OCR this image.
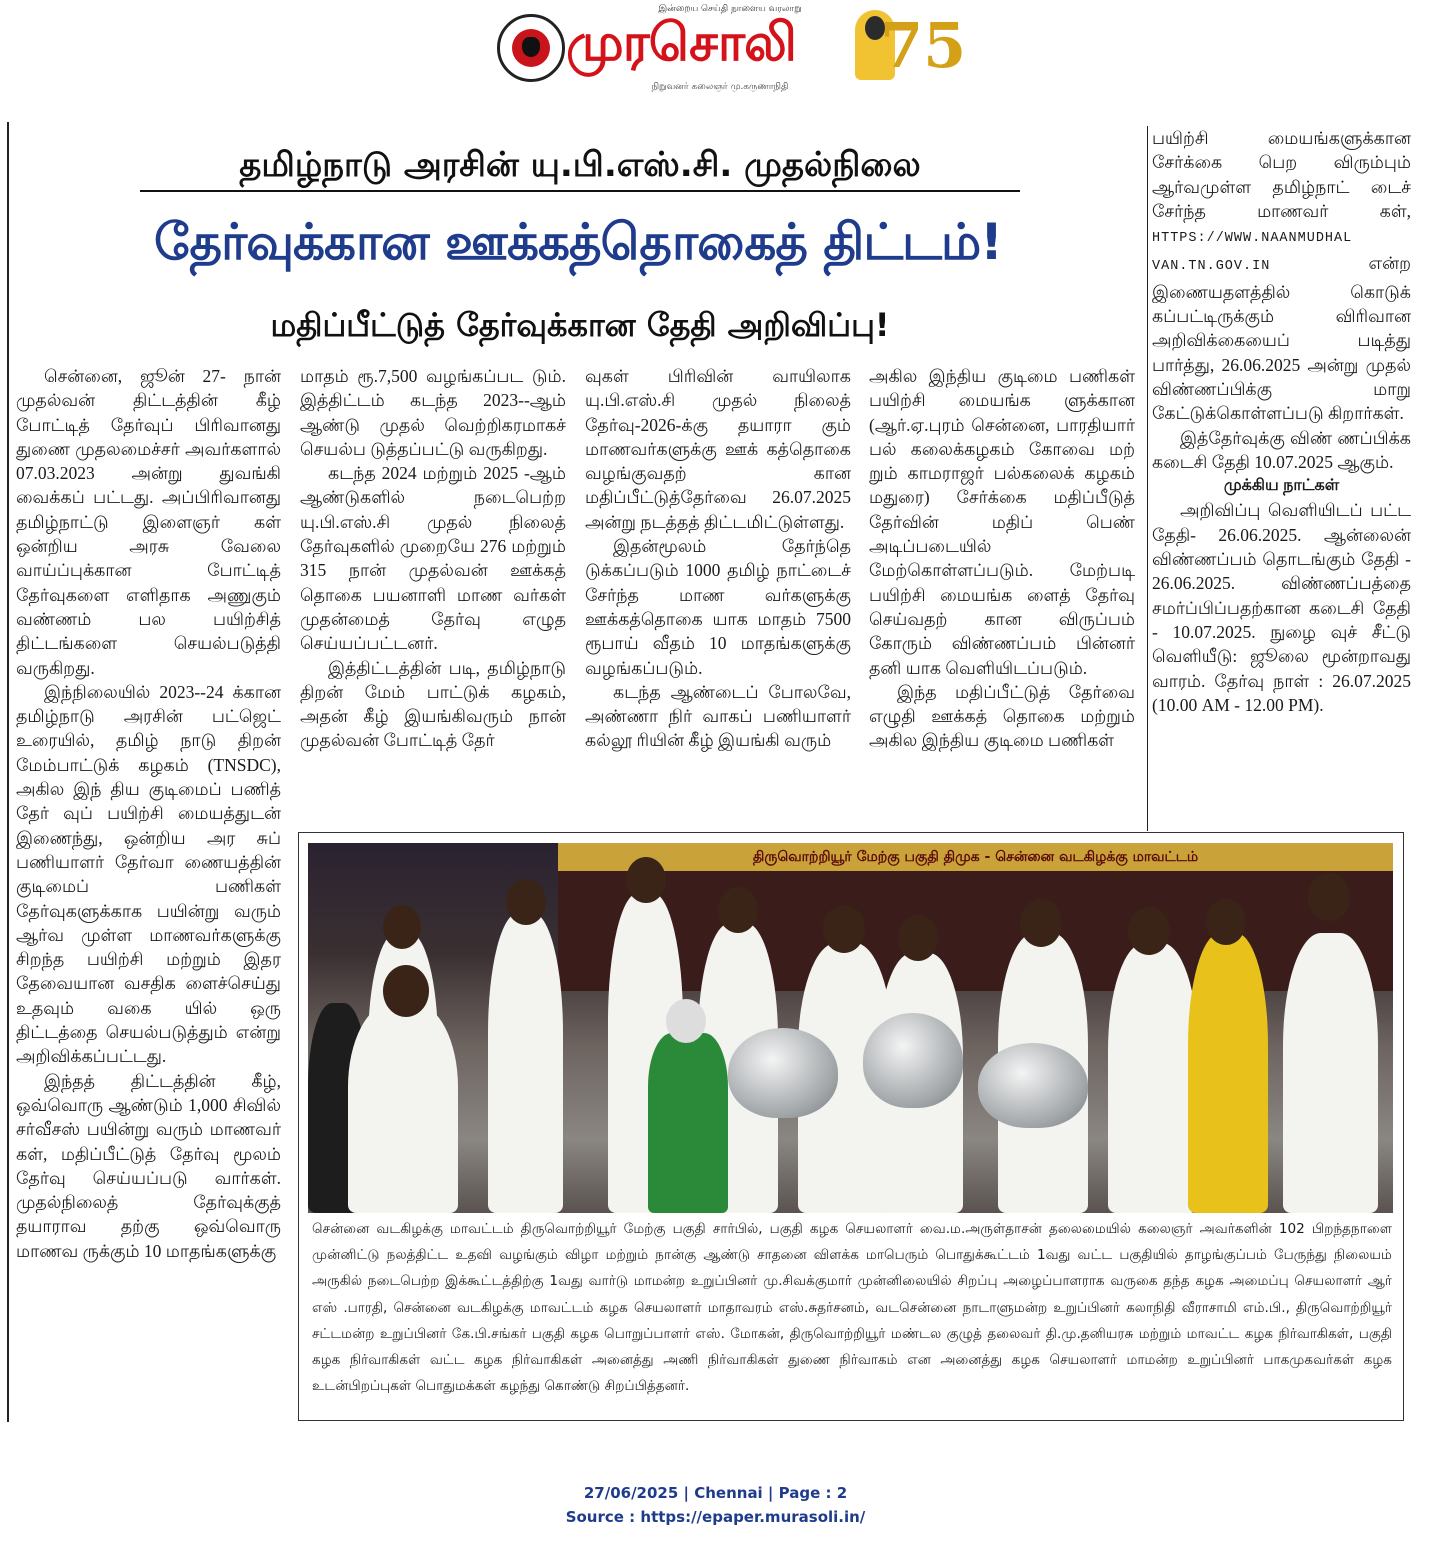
இன்றைய செய்தி நாளைய வரலாறு
முரசொலி
நிறுவனர் கலைஞர் மு.கருணாநிதி
75
தமிழ்நாடு அரசின் யு.பி.எஸ்.சி. முதல்நிலை
தேர்வுக்கான ஊக்கத்தொகைத் திட்டம்!
மதிப்பீட்டுத் தேர்வுக்கான தேதி அறிவிப்பு!

சென்னை, ஜூன் 27- நான் முதல்வன் திட்டத்தின் கீழ் போட்டித் தேர்வுப் பிரிவானது துணை முதலமைச்சர் அவர்களால் 07.03.2023 அன்று துவங்கி வைக்கப் பட்டது. அப்பிரிவானது தமிழ்நாட்டு இளைஞர் கள் ஒன்றிய அரசு வேலை வாய்ப்புக்கான போட்டித் தேர்வுகளை எளிதாக அணுகும் வண்ணம் பல பயிற்சித் திட்டங்களை செயல்படுத்தி வருகிறது.

இந்நிலையில் 2023--24 க்கான தமிழ்நாடு அரசின் பட்ஜெட் உரையில், தமிழ் நாடு திறன் மேம்பாட்டுக் கழகம் (TNSDC), அகில இந் திய குடிமைப் பணித் தேர் வுப் பயிற்சி மையத்துடன் இணைந்து, ஒன்றிய அர சுப் பணியாளர் தேர்வா ணையத்தின் குடிமைப் பணிகள் தேர்வுகளுக்காக பயின்று வரும் ஆர்வ முள்ள மாணவர்களுக்கு சிறந்த பயிற்சி மற்றும் இதர தேவையான வசதிக ளைச்செய்து உதவும் வகை யில் ஒரு திட்டத்தை செயல்படுத்தும் என்று அறிவிக்கப்பட்டது.

இந்தத் திட்டத்தின் கீழ், ஒவ்வொரு ஆண்டும் 1,000 சிவில் சர்வீசஸ் பயின்று வரும் மாணவர் கள், மதிப்பீட்டுத் தேர்வு மூலம் தேர்வு செய்யப்படு வார்கள். முதல்நிலைத் தேர்வுக்குத் தயாராவ தற்கு ஒவ்வொரு மாணவ ருக்கும் 10 மாதங்களுக்கு

மாதம் ரூ.7,500 வழங்கப்பட டும். இத்திட்டம் கடந்த 2023--ஆம் ஆண்டு முதல் வெற்றிகரமாகச் செயல்ப டுத்தப்பட்டு வருகிறது.

கடந்த 2024 மற்றும் 2025 -ஆம் ஆண்டுகளில் நடைபெற்ற யு.பி.எஸ்.சி முதல் நிலைத் தேர்வுகளில் முறையே 276 மற்றும் 315 நான் முதல்வன் ஊக்கத் தொகை பயனாளி மாண வர்கள் முதன்மைத் தேர்வு எழுத செய்யப்பட்டனர்.

இத்திட்டத்தின் படி, தமிழ்நாடு திறன் மேம் பாட்டுக் கழகம், அதன் கீழ் இயங்கிவரும் நான் முதல்வன் போட்டித் தேர்

வுகள் பிரிவின் வாயிலாக யு.பி.எஸ்.சி முதல் நிலைத் தேர்வு-2026-க்கு தயாரா கும் மாணவர்களுக்கு ஊக் கத்தொகை வழங்குவதற் கான மதிப்பீட்டுத்தேர்வை 26.07.2025 அன்று நடத்தத் திட்டமிட்டுள்ளது.

இதன்மூலம் தேர்ந்தெ டுக்கப்படும் 1000 தமிழ் நாட்டைச் சேர்ந்த மாண வர்களுக்கு ஊக்கத்தொகை யாக மாதம் 7500 ரூபாய் வீதம் 10 மாதங்களுக்கு வழங்கப்படும்.

கடந்த ஆண்டைப் போலவே, அண்ணா நிர் வாகப் பணியாளர் கல்லூ ரியின் கீழ் இயங்கி வரும்

அகில இந்திய குடிமை பணிகள் பயிற்சி மையங்க ளுக்கான (ஆர்.ஏ.புரம் சென்னை, பாரதியார் பல் கலைக்கழகம் கோவை மற் றும் காமராஜர் பல்கலைக் கழகம் மதுரை) சேர்க்கை மதிப்பீடுத் தேர்வின் மதிப் பெண் அடிப்படையில் மேற்கொள்ளப்படும். மேற்படி பயிற்சி மையங்க ளைத் தேர்வு செய்வதற் கான விருப்பம் கோரும் விண்ணப்பம் பின்னர் தனி யாக வெளியிடப்படும்.

இந்த மதிப்பீட்டுத் தேர்வை எழுதி ஊக்கத் தொகை மற்றும் அகில இந்திய குடிமை பணிகள்

பயிற்சி மையங்களுக்கான சேர்க்கை பெற விரும்பும் ஆர்வமுள்ள தமிழ்நாட் டைச் சேர்ந்த மாணவர் கள், HTTPS://WWW.NAANMUDHAL VAN.TN.GOV.IN	என்ற இணையதளத்தில் கொடுக் கப்பட்டிருக்கும் விரிவான அறிவிக்கையைப் படித்து பார்த்து, 26.06.2025 அன்று முதல் விண்ணப்பிக்கு மாறு கேட்டுக்கொள்ளப்படு கிறார்கள்.

இத்தேர்வுக்கு விண் ணப்பிக்க கடைசி தேதி 10.07.2025 ஆகும்.

முக்கிய நாட்கள்

அறிவிப்பு வெளியிடப் பட்ட தேதி- 26.06.2025. ஆன்லைன் விண்ணப்பம் தொடங்கும் தேதி - 26.06.2025. விண்ணப்பத்தை சமர்ப்பிப்பதற்கான கடைசி தேதி - 10.07.2025. நுழை வுச் சீட்டு வெளியீடு: ஜூலை மூன்றாவது வாரம். தேர்வு நாள் : 26.07.2025 (10.00 AM - 12.00 PM).

திருவொற்றியூர் மேற்கு பகுதி திமுக - சென்னை வடகிழக்கு மாவட்டம்
சென்னை வடகிழக்கு மாவட்டம் திருவொற்றியூர் மேற்கு பகுதி சார்பில், பகுதி கழக செயலாளர் வை.ம.அருள்தாசன் தலைமையில் கலைஞர் அவர்களின் 102 பிறந்தநாளை முன்னிட்டு நலத்திட்ட உதவி வழங்கும் விழா மற்றும் நான்கு ஆண்டு சாதனை விளக்க மாபெரும் பொதுக்கூட்டம் 1வது வட்ட பகுதியில் தாழங்குப்பம் பேருந்து நிலையம் அருகில் நடைபெற்ற இக்கூட்டத்திற்கு 1வது வார்டு மாமன்ற உறுப்பினர் மு.சிவக்குமார் முன்னிலையில் சிறப்பு அழைப்பாளராக வருகை தந்த கழக அமைப்பு செயலாளர் ஆர் எஸ் .பாரதி, சென்னை வடகிழக்கு மாவட்டம் கழக செயலாளர் மாதாவரம் எஸ்.சுதர்சனம், வடசென்னை நாடாளுமன்ற உறுப்பினர் கலாநிதி வீராசாமி எம்.பி., திருவொற்றியூர் சட்டமன்ற உறுப்பினர் கே.பி.சங்கர் பகுதி கழக பொறுப்பாளர் எஸ். மோகன், திருவொற்றியூர் மண்டல குழுத் தலைவர் தி.மு.தனியரசு மற்றும் மாவட்ட கழக நிர்வாகிகள், பகுதி கழக நிர்வாகிகள் வட்ட கழக நிர்வாகிகள் அனைத்து அணி நிர்வாகிகள் துணை நிர்வாகம் என அனைத்து கழக செயலாளர் மாமன்ற உறுப்பினர் பாகமுகவர்கள் கழக உடன்பிறப்புகள் பொதுமக்கள் கழந்து கொண்டு சிறப்பித்தனர்.
27/06/2025 | Chennai | Page : 2
Source : https://epaper.murasoli.in/
